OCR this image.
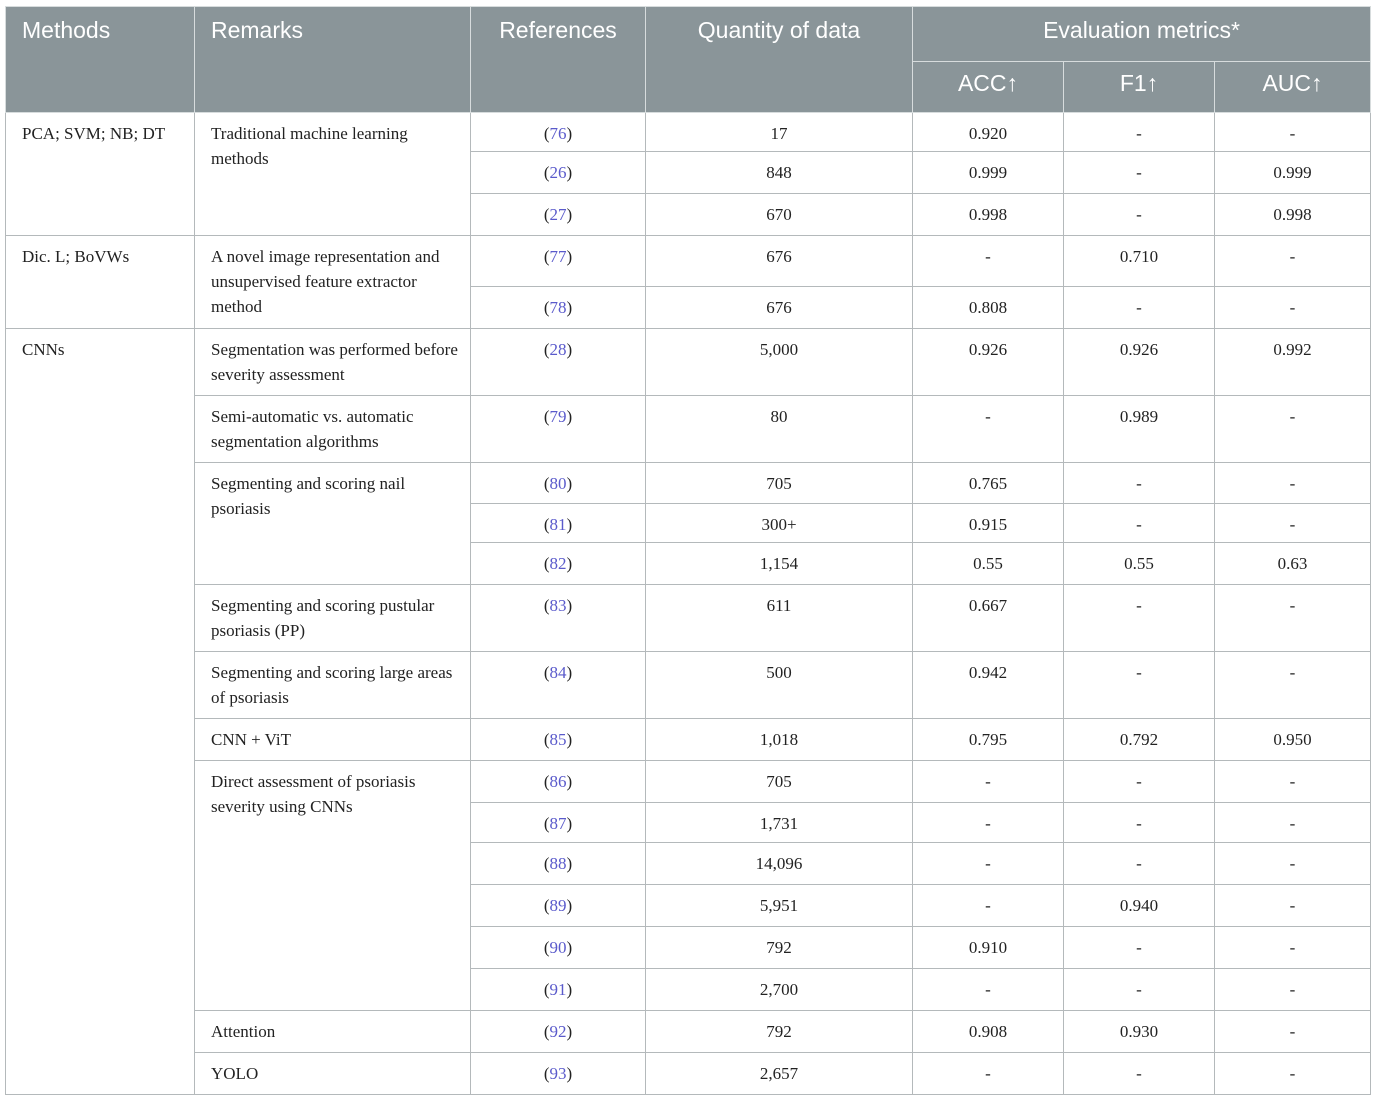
Methods	Remarks	References	Quantity of data	Evaluation metrics*		
				ACC↑	F1↑	AUC↑
PCA; SVM; NB; DT	Traditional machine learning methods	(76)	17	0.920	-	-
		(26)	848	0.999	-	0.999
		(27)	670	0.998	-	0.998
Dic. L; BoVWs	A novel image representation and unsupervised feature extractor method	(77)	676	-	0.710	-
		(78)	676	0.808	-	-
CNNs	Segmentation was performed before severity assessment	(28)	5,000	0.926	0.926	0.992
	Semi-automatic vs. automatic segmentation algorithms	(79)	80	-	0.989	-
	Segmenting and scoring nail psoriasis	(80)	705	0.765	-	-
		(81)	300+	0.915	-	-
		(82)	1,154	0.55	0.55	0.63
	Segmenting and scoring pustular psoriasis (PP)	(83)	611	0.667	-	-
	Segmenting and scoring large areas of psoriasis	(84)	500	0.942	-	-
	CNN + ViT	(85)	1,018	0.795	0.792	0.950
	Direct assessment of psoriasis severity using CNNs	(86)	705	-	-	-
		(87)	1,731	-	-	-
		(88)	14,096	-	-	-
		(89)	5,951	-	0.940	-
		(90)	792	0.910	-	-
		(91)	2,700	-	-	-
	Attention	(92)	792	0.908	0.930	-
	YOLO	(93)	2,657	-	-	-
